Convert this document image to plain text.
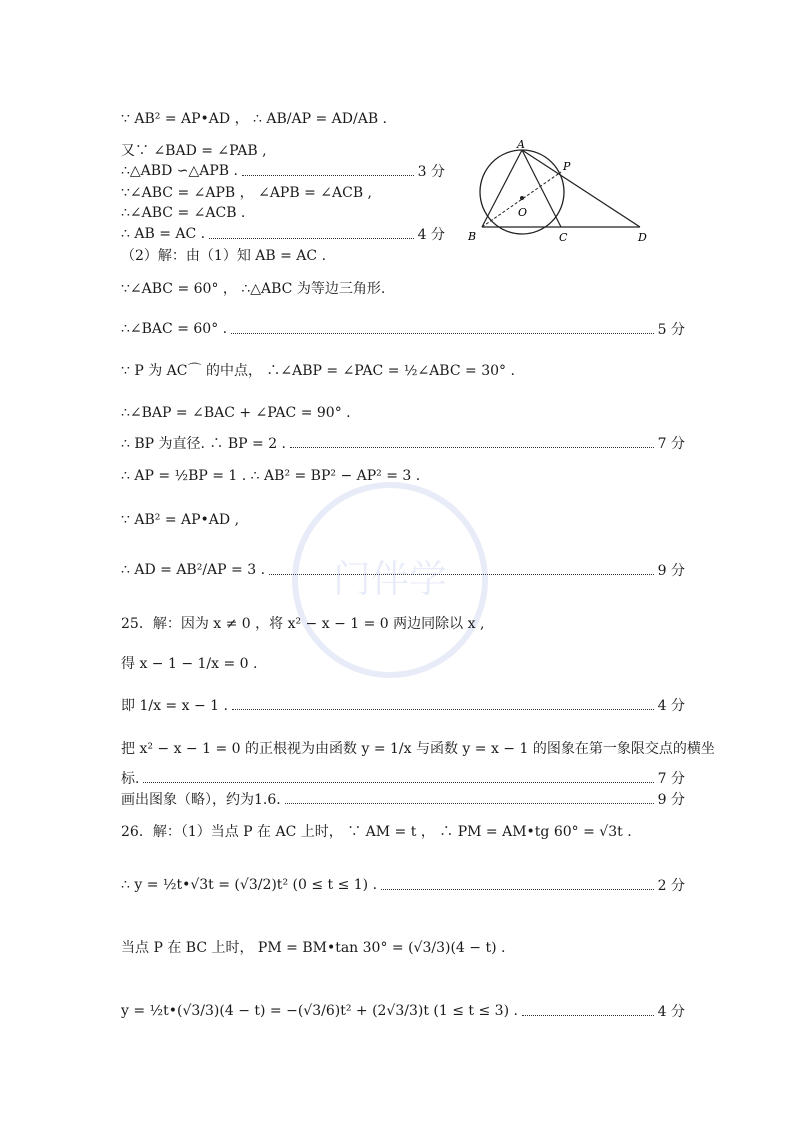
A
P
O
B	C	D
门伴学
∵ AB² = AP•AD ， ∴ AB/AP = AD/AB .
又∵ ∠BAD = ∠PAB ,
∴△ABD ∽△APB .	3 分
∵∠ABC = ∠APB ， ∠APB = ∠ACB ,
∴∠ABC = ∠ACB .
∴ AB = AC .	4 分
（2）解：由（1）知 AB = AC .
∵∠ABC = 60° ， ∴△ABC 为等边三角形.
∴∠BAC = 60° .	5 分
∵ P 为 AC⌒ 的中点， ∴∠ABP = ∠PAC = ½∠ABC = 30° .
∴∠BAP = ∠BAC + ∠PAC = 90° .
∴ BP 为直径. ∴ BP = 2 .	7 分
∴ AP = ½BP = 1 . ∴ AB² = BP² − AP² = 3 .
∵ AB² = AP•AD ,
∴ AD = AB²/AP = 3 .	9 分
25．解：因为 x ≠ 0 ，将 x² − x − 1 = 0 两边同除以 x ,
得 x − 1 − 1/x = 0 .
即 1/x = x − 1 .	4 分
把 x² − x − 1 = 0 的正根视为由函数 y = 1/x 与函数 y = x − 1 的图象在第一象限交点的横坐
标.	7 分
画出图象（略），约为1.6.	9 分
26．解：（1）当点 P 在 AC 上时， ∵ AM = t ， ∴ PM = AM•tg 60° = √3t .
∴ y = ½t•√3t = (√3/2)t² (0 ≤ t ≤ 1) .	2 分
当点 P 在 BC 上时， PM = BM•tan 30° = (√3/3)(4 − t) .
y = ½t•(√3/3)(4 − t) = −(√3/6)t² + (2√3/3)t (1 ≤ t ≤ 3) .	4 分
